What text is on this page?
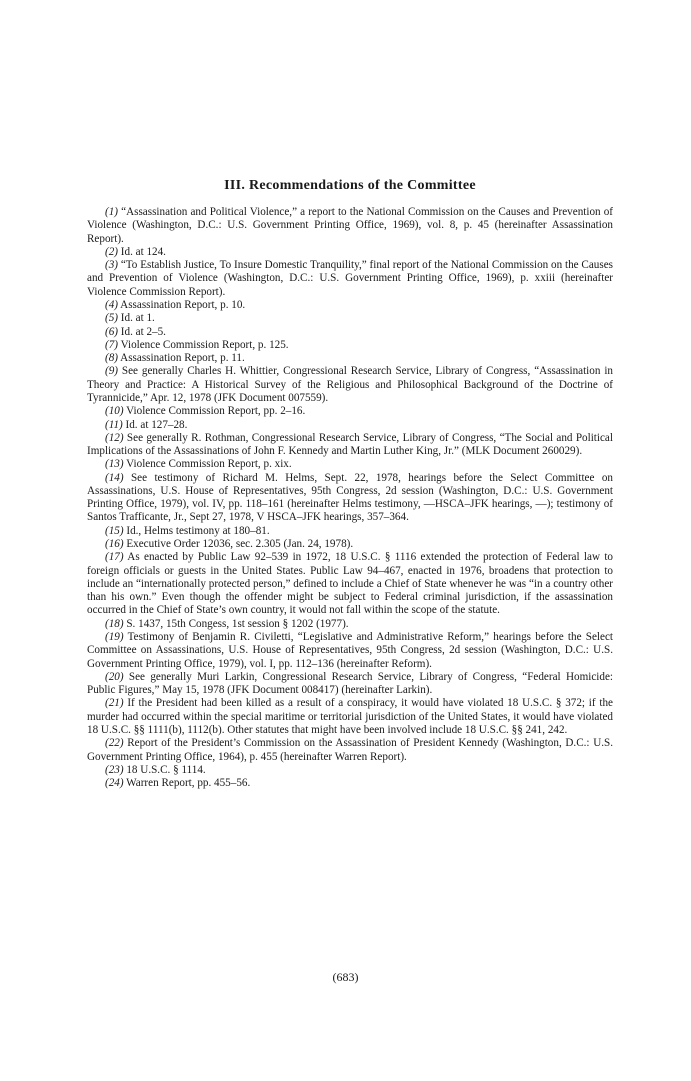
III. Recommendations of the Committee

(1) “Assassination and Political Violence,” a report to the National Commission on the Causes and Prevention of Violence (Washington, D.C.: U.S. Government Printing Office, 1969), vol. 8, p. 45 (hereinafter Assassination Report).

(2) Id. at 124.

(3) “To Establish Justice, To Insure Domestic Tranquility,” final report of the National Commission on the Causes and Prevention of Violence (Washington, D.C.: U.S. Government Printing Office, 1969), p. xxiii (hereinafter Violence Commission Report).

(4) Assassination Report, p. 10.

(5) Id. at 1.

(6) Id. at 2–5.

(7) Violence Commission Report, p. 125.

(8) Assassination Report, p. 11.

(9) See generally Charles H. Whittier, Congressional Research Service, Library of Congress, “Assassination in Theory and Practice: A Historical Survey of the Religious and Philosophical Background of the Doctrine of Tyrannicide,” Apr. 12, 1978 (JFK Document 007559).

(10) Violence Commission Report, pp. 2–16.

(11) Id. at 127–28.

(12) See generally R. Rothman, Congressional Research Service, Library of Congress, “The Social and Political Implications of the Assassinations of John F. Kennedy and Martin Luther King, Jr.” (MLK Document 260029).

(13) Violence Commission Report, p. xix.

(14) See testimony of Richard M. Helms, Sept. 22, 1978, hearings before the Select Committee on Assassinations, U.S. House of Representatives, 95th Congress, 2d session (Washington, D.C.: U.S. Government Printing Office, 1979), vol. IV, pp. 118–161 (hereinafter Helms testimony, —HSCA–JFK hearings, —); testimony of Santos Trafficante, Jr., Sept 27, 1978, V HSCA–JFK hearings, 357–364.

(15) Id., Helms testimony at 180–81.

(16) Executive Order 12036, sec. 2.305 (Jan. 24, 1978).

(17) As enacted by Public Law 92–539 in 1972, 18 U.S.C. § 1116 extended the protection of Federal law to foreign officials or guests in the United States. Public Law 94–467, enacted in 1976, broadens that protection to include an “internationally protected person,” defined to include a Chief of State whenever he was “in a country other than his own.” Even though the offender might be subject to Federal criminal jurisdiction, if the assassination occurred in the Chief of State’s own country, it would not fall within the scope of the statute.

(18) S. 1437, 15th Congess, 1st session § 1202 (1977).

(19) Testimony of Benjamin R. Civiletti, “Legislative and Administrative Reform,” hearings before the Select Committee on Assassinations, U.S. House of Representatives, 95th Congress, 2d session (Washington, D.C.: U.S. Government Printing Office, 1979), vol. I, pp. 112–136 (hereinafter Reform).

(20) See generally Muri Larkin, Congressional Research Service, Library of Congress, “Federal Homicide: Public Figures,” May 15, 1978 (JFK Document 008417) (hereinafter Larkin).

(21) If the President had been killed as a result of a conspiracy, it would have violated 18 U.S.C. § 372; if the murder had occurred within the special maritime or territorial jurisdiction of the United States, it would have violated 18 U.S.C. §§ 1111(b), 1112(b). Other statutes that might have been involved include 18 U.S.C. §§ 241, 242.

(22) Report of the President’s Commission on the Assassination of President Kennedy (Washington, D.C.: U.S. Government Printing Office, 1964), p. 455 (hereinafter Warren Report).

(23) 18 U.S.C. § 1114.

(24) Warren Report, pp. 455–56.

(683)
